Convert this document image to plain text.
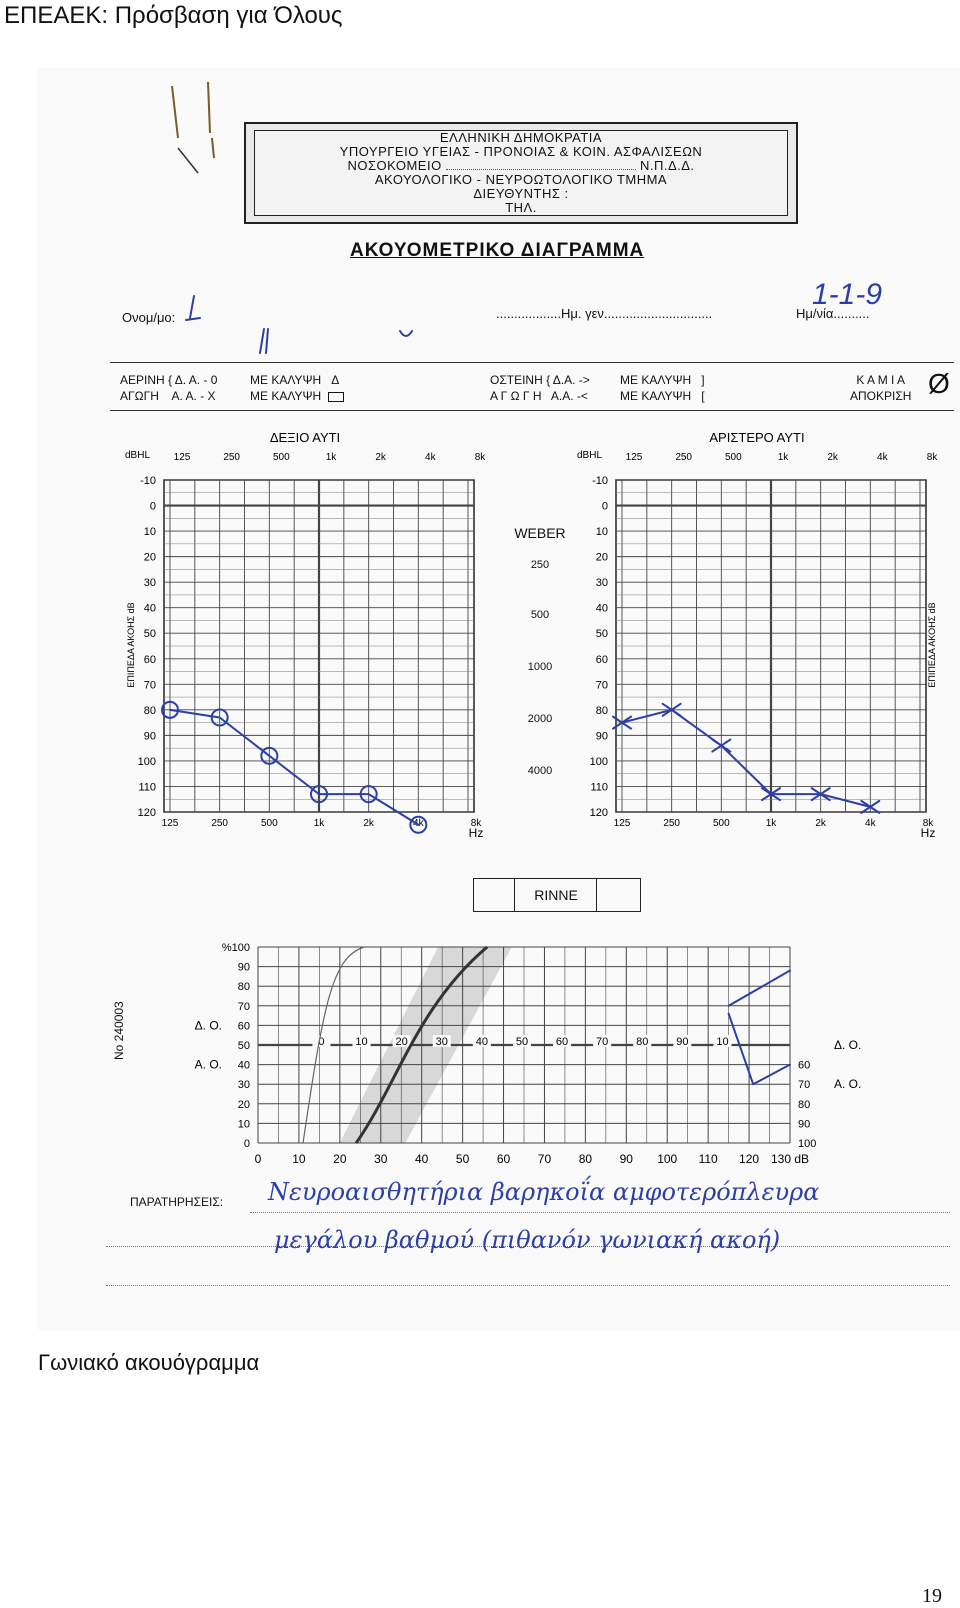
ΕΠΕΑΕΚ: Πρόσβαση για Όλους
ΕΛΛΗΝΙΚΗ ΔΗΜΟΚΡΑΤΙΑ
ΥΠΟΥΡΓΕΙΟ ΥΓΕΙΑΣ - ΠΡΟΝΟΙΑΣ & ΚΟΙΝ. ΑΣΦΑΛΙΣΕΩΝ
ΝΟΣΟΚΟΜΕΙΟ	Ν.Π.Δ.Δ.
ΑΚΟΥΟΛΟΓΙΚΟ - ΝΕΥΡΟΩΤΟΛΟΓΙΚΟ ΤΜΗΜΑ
ΔΙΕΥΘΥΝΤΗΣ :
ΤΗΛ.
ΑΚΟΥΟΜΕΤΡΙΚΟ ΔΙΑΓΡΑΜΜΑ
Ονομ/μο:	..................Ημ. γεν..............................	Ημ/νία..........
1-1-9
ΑΕΡΙΝΗ { Δ. Α. - 0
ΑΓΩΓΗ Α. Α. - Χ
ΜΕ ΚΑΛΥΨΗ Δ
ΜΕ ΚΑΛΥΨΗ
ΟΣΤΕΙΝΗ { Δ.Α. ->
Α Γ Ω Γ Η Α.Α. -<
ΜΕ ΚΑΛΥΨΗ ]
ΜΕ ΚΑΛΥΨΗ [
Κ Α Μ Ι Α
ΑΠΟΚΡΙΣΗ Ø
ΔΕΞΙΟ ΑΥΤΙ
-10
0
10
20
30
40
50
60
70
80
90
100
110
120
dBHL 125	250	500	1k	2k	4k	8k
125	250	500	1k	2k	4k	8k
Hz
ΕΠΙΠΕΔΑ ΑΚΟΗΣ dB
ΑΡΙΣΤΕΡΟ ΑΥΤΙ
-10
0
10
20
30
40
50
60
70
80
90
100
110
120
dBHL 125	250	500	1k	2k	4k	8k
125	250	500	1k	2k	4k	8k
Hz
ΕΠΙΠΕΔΑ ΑΚΟΗΣ dB
WEBER
250
500
1000
2000
4000
RINNE
%100
90
80
70
60
50
40
30
20
10
0
0	10 20 30 40 50 60 70 80 90 100 110 120 130 dB
0	10	20	30	40	50	60	70	80	90	10
60
70
80
90
100
Δ. Ο.
Α. Ο.
Δ. Ο.
Α. Ο.
No 240003
ΠΑΡΑΤΗΡΗΣΕΙΣ: Νευροαισθητήρια βαρηκοΐα αμφοτερόπλευρα
μεγάλου βαθμού (πιθανόν γωνιακή ακοή)
Γωνιακό ακουόγραμμα
19
